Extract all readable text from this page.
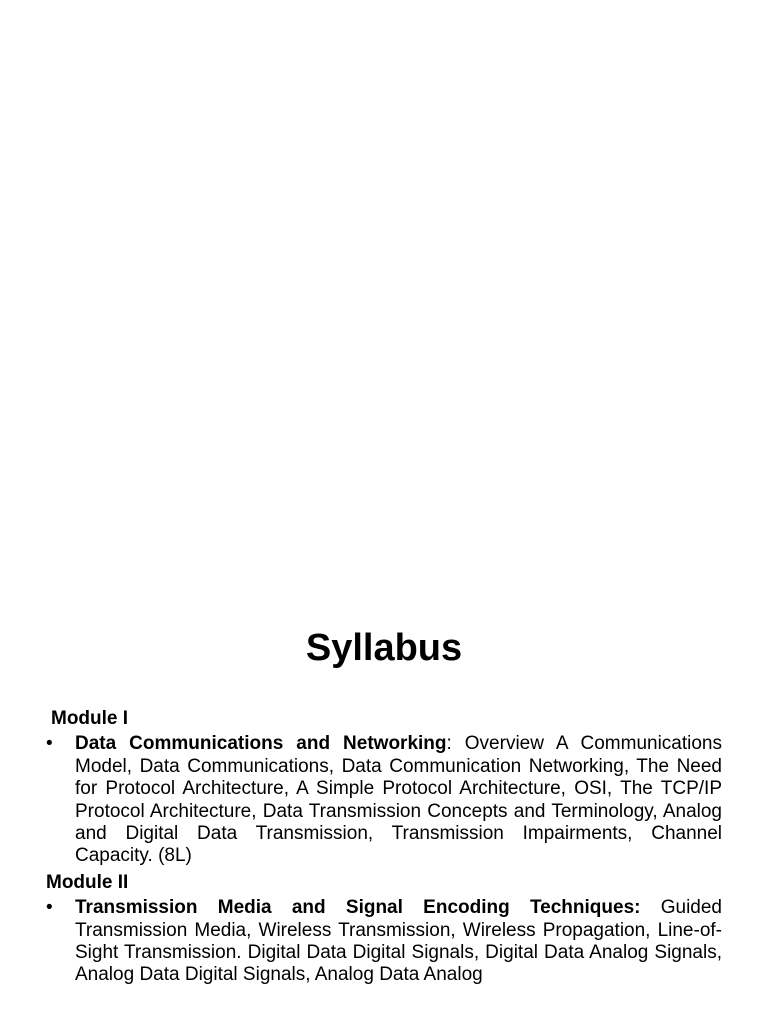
Syllabus

Module I

• Data Communications and Networking: Overview A Communications Model, Data Communications, Data Communication Networking, The Need for Protocol Architecture, A Simple Protocol Architecture, OSI, The TCP/IP Protocol Architecture, Data Transmission Concepts and Terminology, Analog and Digital Data Transmission, Transmission Impairments, Channel Capacity. (8L)

Module II

• Transmission Media and Signal Encoding Techniques: Guided Transmission Media, Wireless Transmission, Wireless Propagation, Line-of-Sight Transmission. Digital Data Digital Signals, Digital Data Analog Signals, Analog Data Digital Signals, Analog Data Analog
